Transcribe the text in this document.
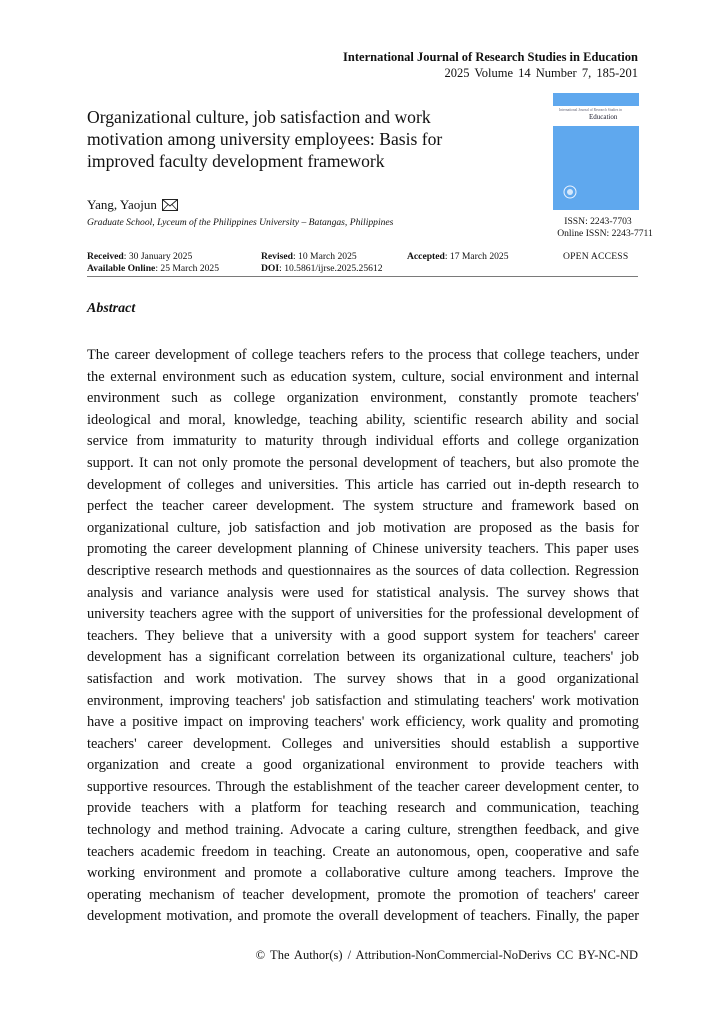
International Journal of Research Studies in Education
2025 Volume 14 Number 7, 185-201
Organizational culture, job satisfaction and work motivation among university employees: Basis for improved faculty development framework
International Journal of Research Studies in
Education
ISSN: 2243-7703
Online ISSN: 2243-7711
Yang, Yaojun
Graduate School, Lyceum of the Philippines University – Batangas, Philippines
Received: 30 January 2025
Available Online: 25 March 2025
Revised: 10 March 2025
DOI: 10.5861/ijrse.2025.25612
Accepted: 17 March 2025	OPEN ACCESS
Abstract
The career development of college teachers refers to the process that college teachers, under
the external environment such as education system, culture, social environment and internal
environment such as college organization environment, constantly promote teachers'
ideological and moral, knowledge, teaching ability, scientific research ability and social
service from immaturity to maturity through individual efforts and college organization
support. It can not only promote the personal development of teachers, but also promote the
development of colleges and universities. This article has carried out in-depth research to
perfect the teacher career development. The system structure and framework based on
organizational culture, job satisfaction and job motivation are proposed as the basis for
promoting the career development planning of Chinese university teachers. This paper uses
descriptive research methods and questionnaires as the sources of data collection. Regression
analysis and variance analysis were used for statistical analysis. The survey shows that
university teachers agree with the support of universities for the professional development of
teachers. They believe that a university with a good support system for teachers' career
development has a significant correlation between its organizational culture, teachers' job
satisfaction and work motivation. The survey shows that in a good organizational
environment, improving teachers' job satisfaction and stimulating teachers' work motivation
have a positive impact on improving teachers' work efficiency, work quality and promoting
teachers' career development. Colleges and universities should establish a supportive
organization and create a good organizational environment to provide teachers with
supportive resources. Through the establishment of the teacher career development center, to
provide teachers with a platform for teaching research and communication, teaching
technology and method training. Advocate a caring culture, strengthen feedback, and give
teachers academic freedom in teaching. Create an autonomous, open, cooperative and safe
working environment and promote a collaborative culture among teachers. Improve the
operating mechanism of teacher development, promote the promotion of teachers' career
development motivation, and promote the overall development of teachers. Finally, the paper
© The Author(s) / Attribution-NonCommercial-NoDerivs CC BY-NC-ND
